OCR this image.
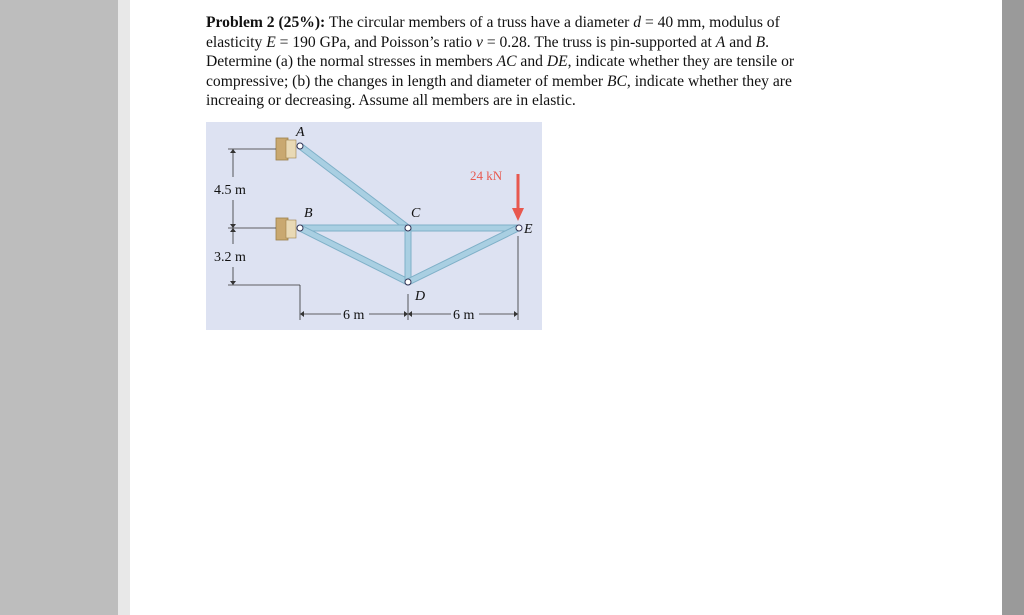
Problem 2 (25%): The circular members of a truss have a diameter d = 40 mm, modulus of
elasticity E = 190 GPa, and Poisson’s ratio v = 0.28. The truss is pin-supported at A and B.
Determine (a) the normal stresses in members AC and DE, indicate whether they are tensile or
compressive; (b) the changes in length and diameter of member BC, indicate whether they are
increaing or decreasing. Assume all members are in elastic.

24 kN
A
B	C
D
E
4.5 m
3.2 m
6 m	6 m
